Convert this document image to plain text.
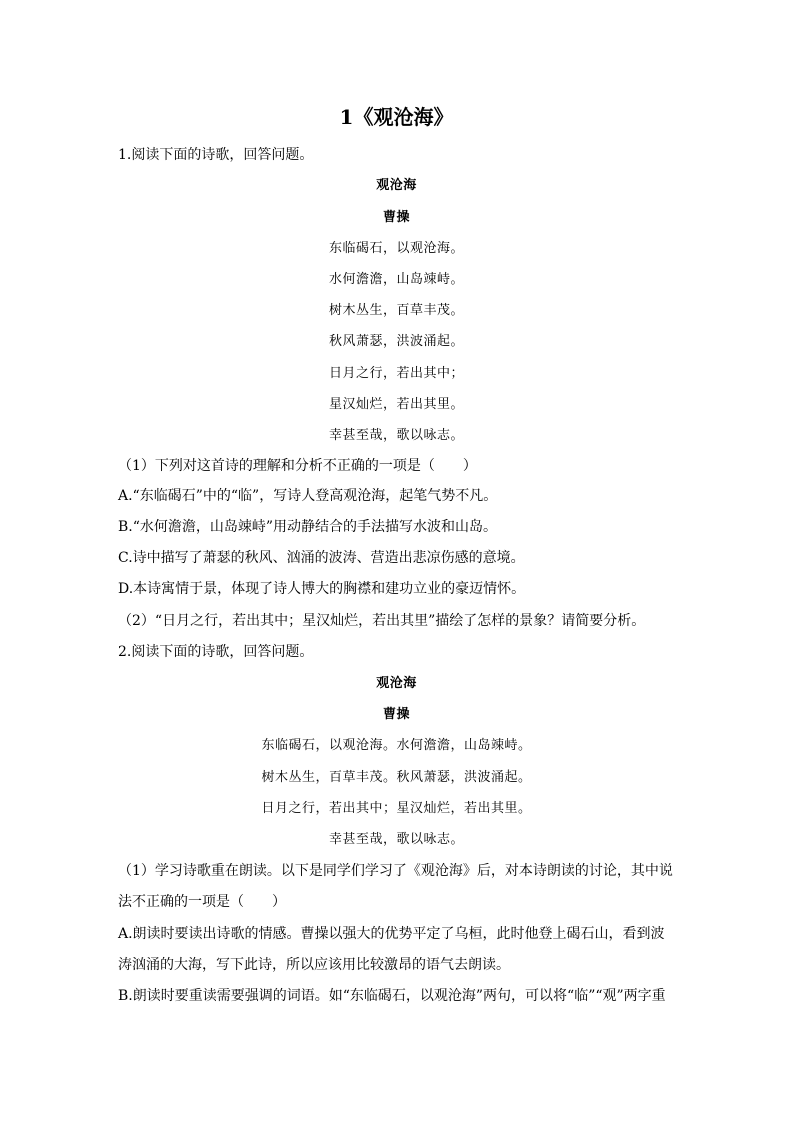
1《观沧海》
1.阅读下面的诗歌，回答问题。
观沧海
曹操
东临碣石，以观沧海。
水何澹澹，山岛竦峙。
树木丛生，百草丰茂。
秋风萧瑟，洪波涌起。
日月之行，若出其中；
星汉灿烂，若出其里。
幸甚至哉，歌以咏志。
（1）下列对这首诗的理解和分析不正确的一项是（　　）
A.“东临碣石”中的“临”，写诗人登高观沧海，起笔气势不凡。
B.“水何澹澹，山岛竦峙”用动静结合的手法描写水波和山岛。
C.诗中描写了萧瑟的秋风、汹涌的波涛、营造出悲凉伤感的意境。
D.本诗寓情于景，体现了诗人博大的胸襟和建功立业的豪迈情怀。
（2）“日月之行，若出其中；星汉灿烂，若出其里”描绘了怎样的景象？请简要分析。
2.阅读下面的诗歌，回答问题。
观沧海
曹操
东临碣石，以观沧海。水何澹澹，山岛竦峙。
树木丛生，百草丰茂。秋风萧瑟，洪波涌起。
日月之行，若出其中；星汉灿烂，若出其里。
幸甚至哉，歌以咏志。
（1）学习诗歌重在朗读。以下是同学们学习了《观沧海》后，对本诗朗读的讨论，其中说
法不正确的一项是（　　）
A.朗读时要读出诗歌的情感。曹操以强大的优势平定了乌桓，此时他登上碣石山，看到波
涛汹涌的大海，写下此诗，所以应该用比较激昂的语气去朗读。
B.朗读时要重读需要强调的词语。如“东临碣石，以观沧海”两句，可以将“临”“观”两字重
